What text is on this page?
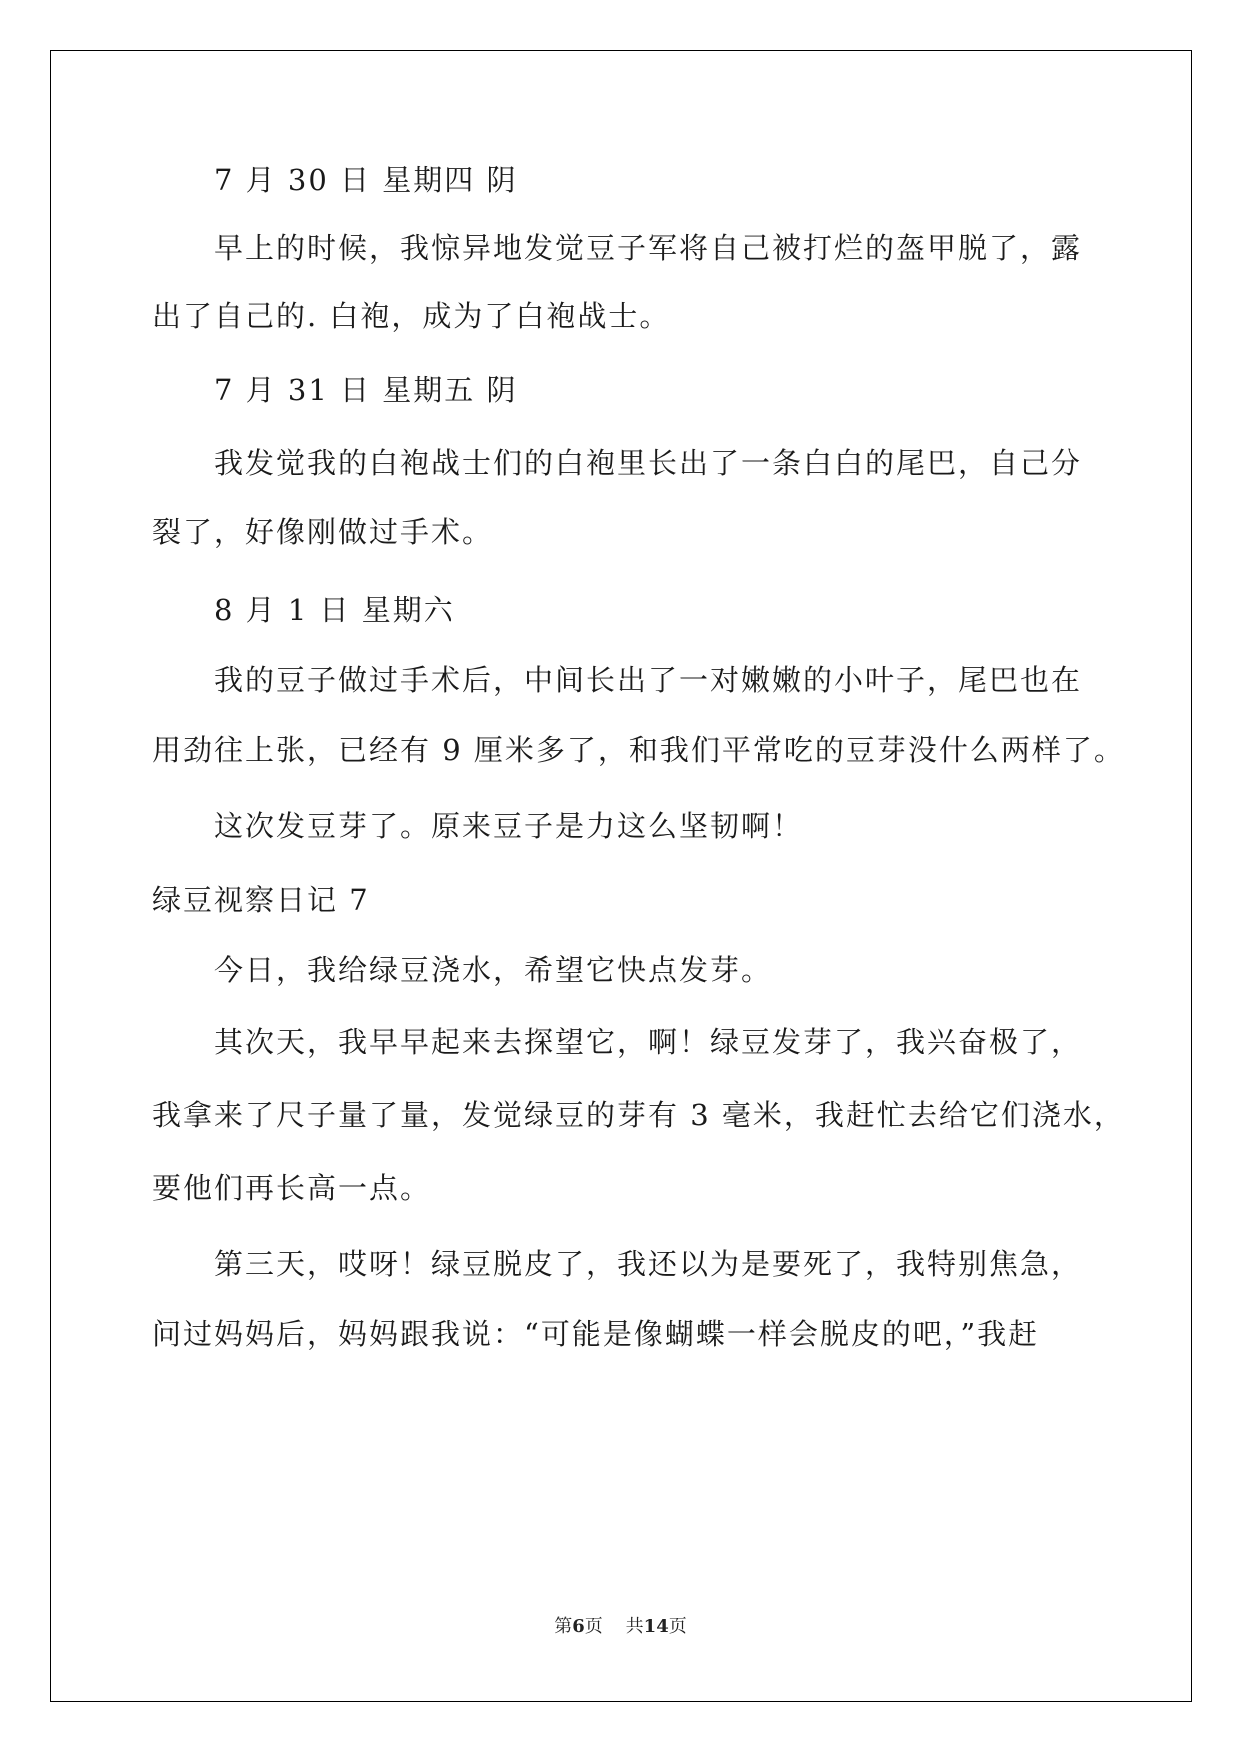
7 月 30 日 星期四 阴
早上的时候，我惊异地发觉豆子军将自己被打烂的盔甲脱了，露
出了自己的. 白袍，成为了白袍战士。
7 月 31 日 星期五 阴
我发觉我的白袍战士们的白袍里长出了一条白白的尾巴，自己分
裂了，好像刚做过手术。
8 月 1 日 星期六
我的豆子做过手术后，中间长出了一对嫩嫩的小叶子，尾巴也在
用劲往上张，已经有 9 厘米多了，和我们平常吃的豆芽没什么两样了。
这次发豆芽了。原来豆子是力这么坚韧啊！
绿豆视察日记 7
今日，我给绿豆浇水，希望它快点发芽。
其次天，我早早起来去探望它，啊！绿豆发芽了，我兴奋极了，
我拿来了尺子量了量，发觉绿豆的芽有 3 毫米，我赶忙去给它们浇水，
要他们再长高一点。
第三天，哎呀！绿豆脱皮了，我还以为是要死了，我特别焦急，
问过妈妈后，妈妈跟我说：“可能是像蝴蝶一样会脱皮的吧，”我赶
第6页    共14页
